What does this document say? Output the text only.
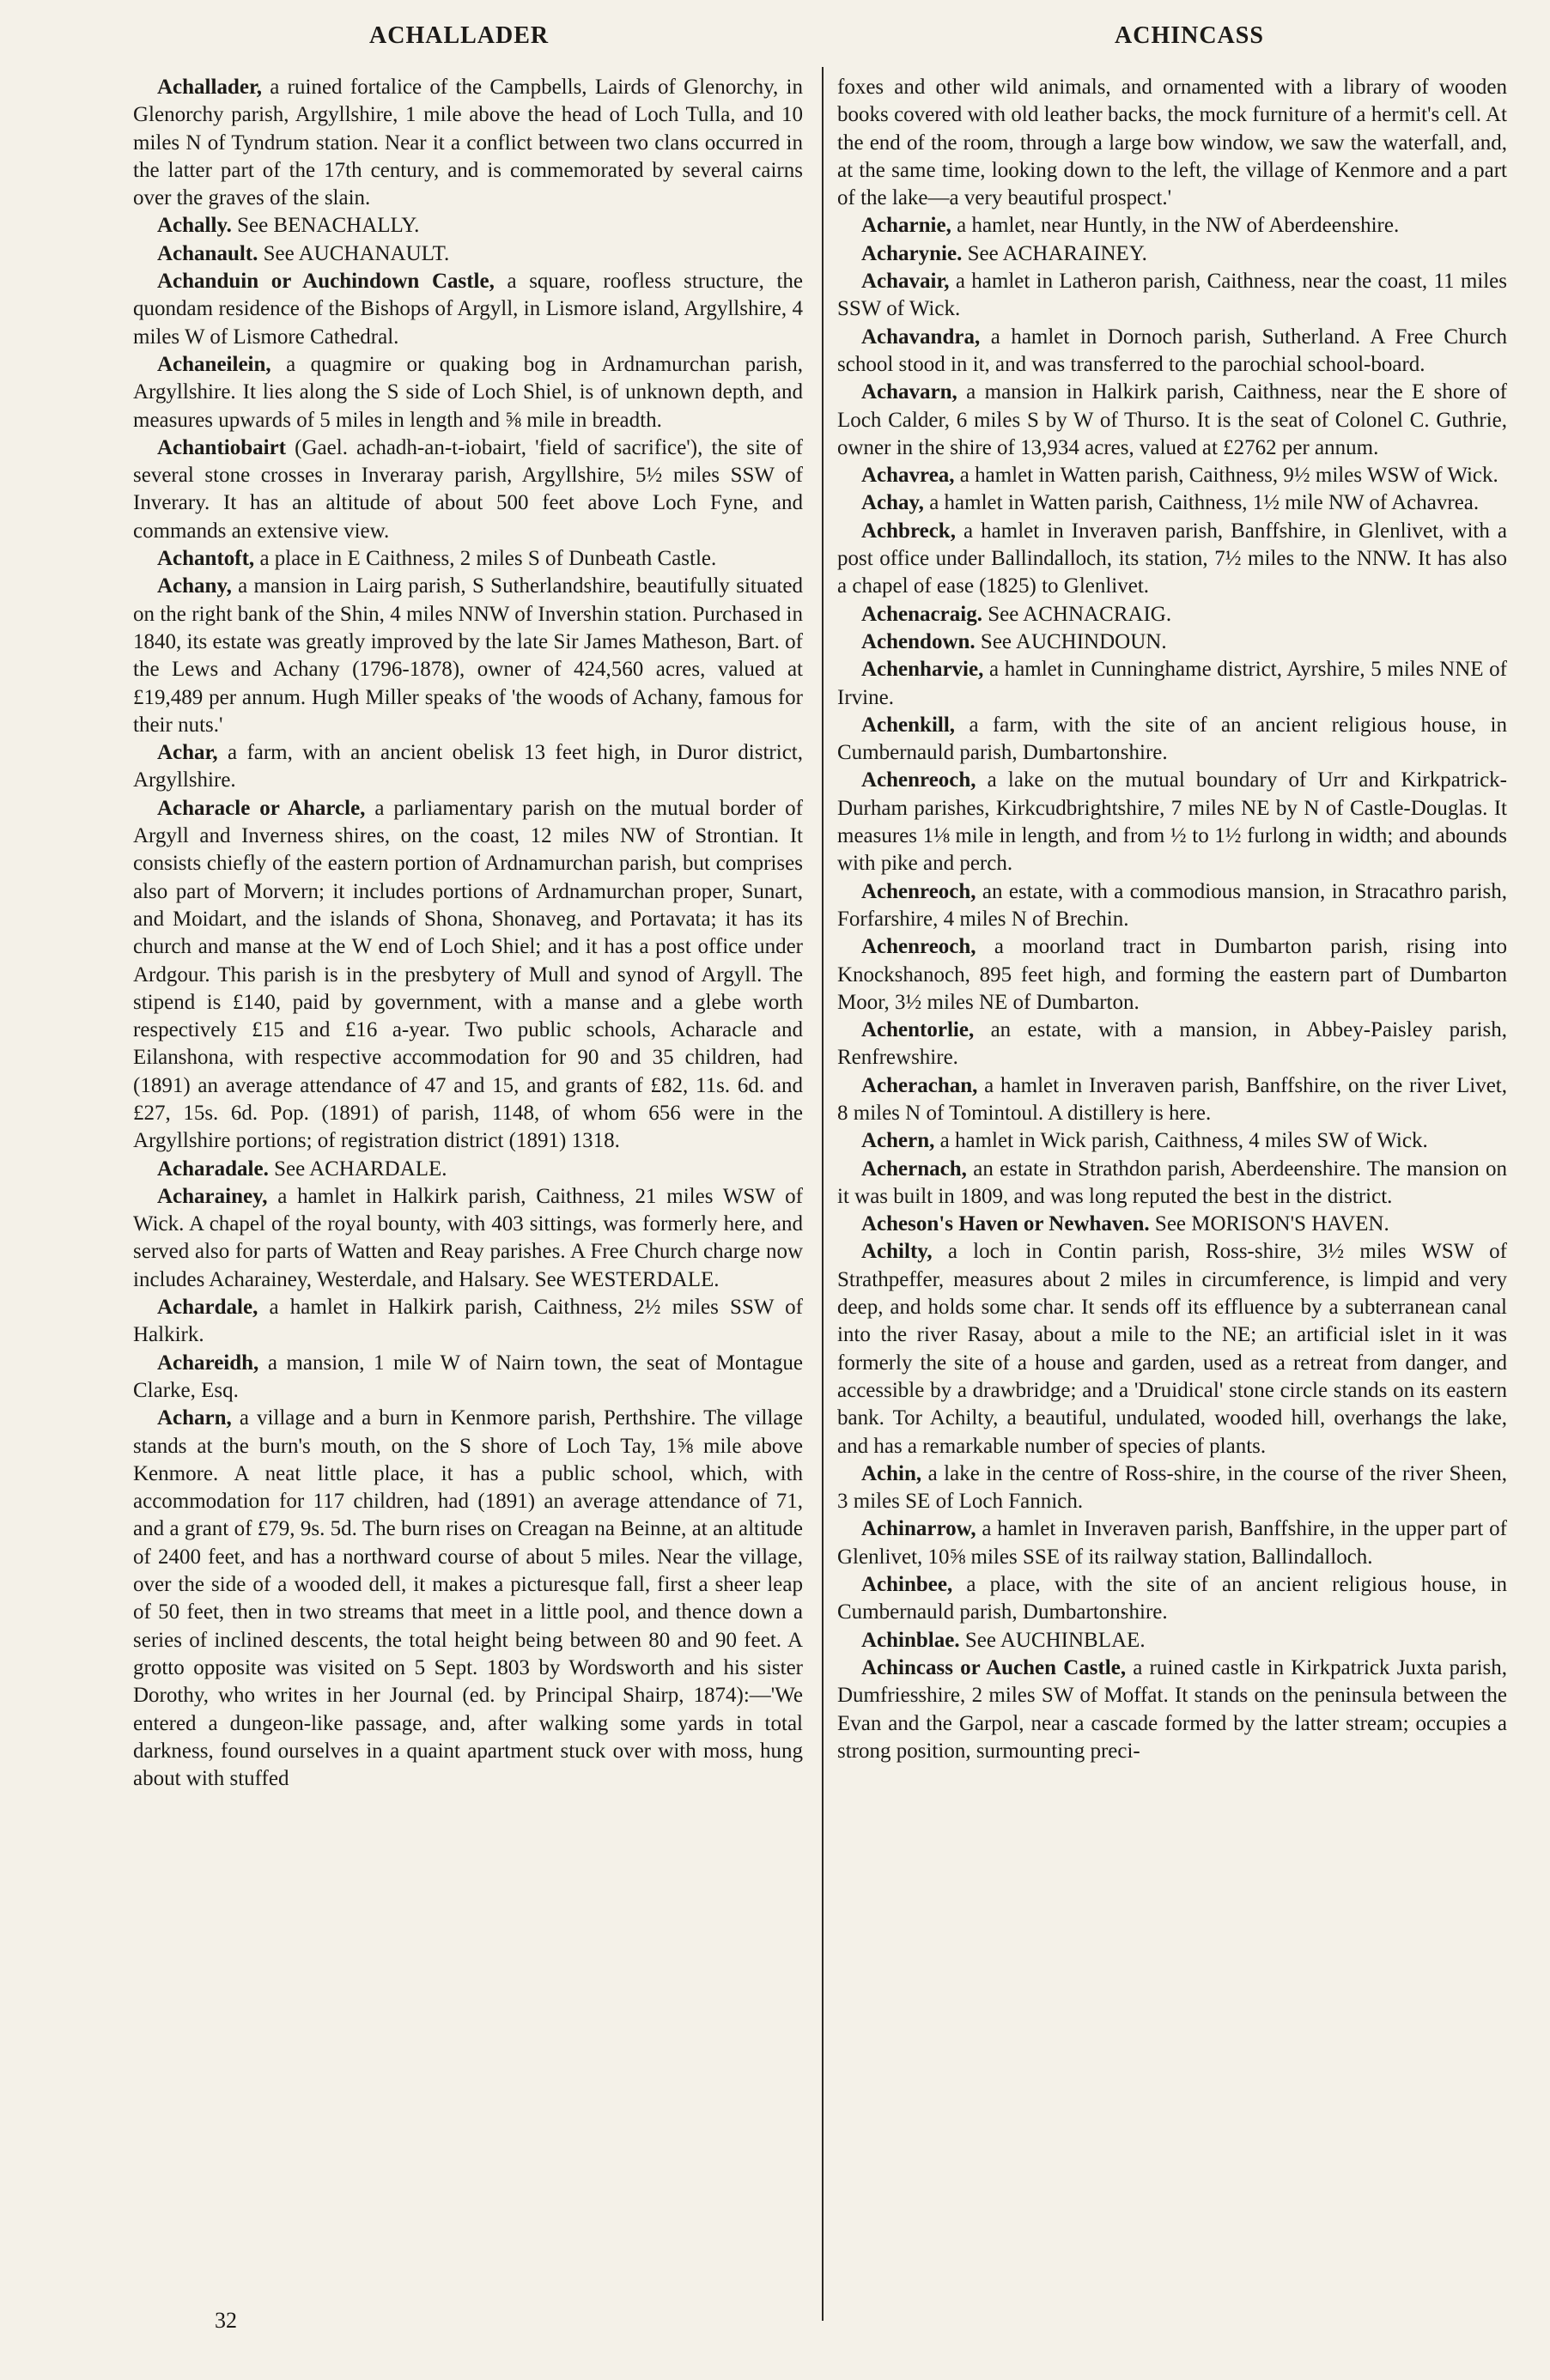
ACHALLADER	ACHINCASS

Achallader, a ruined fortalice of the Campbells, Lairds of Glenorchy, in Glenorchy parish, Argyllshire, 1 mile above the head of Loch Tulla, and 10 miles N of Tyndrum station. Near it a conflict between two clans occurred in the latter part of the 17th century, and is commemorated by several cairns over the graves of the slain.

Achally. See BENACHALLY.

Achanault. See AUCHANAULT.

Achanduin or Auchindown Castle, a square, roofless structure, the quondam residence of the Bishops of Argyll, in Lismore island, Argyllshire, 4 miles W of Lismore Cathedral.

Achaneilein, a quagmire or quaking bog in Ardnamurchan parish, Argyllshire. It lies along the S side of Loch Shiel, is of unknown depth, and measures upwards of 5 miles in length and ⅝ mile in breadth.

Achantiobairt (Gael. achadh-an-t-iobairt, 'field of sacrifice'), the site of several stone crosses in Inveraray parish, Argyllshire, 5½ miles SSW of Inverary. It has an altitude of about 500 feet above Loch Fyne, and commands an extensive view.

Achantoft, a place in E Caithness, 2 miles S of Dunbeath Castle.

Achany, a mansion in Lairg parish, S Sutherlandshire, beautifully situated on the right bank of the Shin, 4 miles NNW of Invershin station. Purchased in 1840, its estate was greatly improved by the late Sir James Matheson, Bart. of the Lews and Achany (1796-1878), owner of 424,560 acres, valued at £19,489 per annum. Hugh Miller speaks of 'the woods of Achany, famous for their nuts.'

Achar, a farm, with an ancient obelisk 13 feet high, in Duror district, Argyllshire.

Acharacle or Aharcle, a parliamentary parish on the mutual border of Argyll and Inverness shires, on the coast, 12 miles NW of Strontian. It consists chiefly of the eastern portion of Ardnamurchan parish, but comprises also part of Morvern; it includes portions of Ardnamurchan proper, Sunart, and Moidart, and the islands of Shona, Shonaveg, and Portavata; it has its church and manse at the W end of Loch Shiel; and it has a post office under Ardgour. This parish is in the presbytery of Mull and synod of Argyll. The stipend is £140, paid by government, with a manse and a glebe worth respectively £15 and £16 a-year. Two public schools, Acharacle and Eilanshona, with respective accommodation for 90 and 35 children, had (1891) an average attendance of 47 and 15, and grants of £82, 11s. 6d. and £27, 15s. 6d. Pop. (1891) of parish, 1148, of whom 656 were in the Argyllshire portions; of registration district (1891) 1318.

Acharadale. See ACHARDALE.

Acharainey, a hamlet in Halkirk parish, Caithness, 21 miles WSW of Wick. A chapel of the royal bounty, with 403 sittings, was formerly here, and served also for parts of Watten and Reay parishes. A Free Church charge now includes Acharainey, Westerdale, and Halsary. See WESTERDALE.

Achardale, a hamlet in Halkirk parish, Caithness, 2½ miles SSW of Halkirk.

Achareidh, a mansion, 1 mile W of Nairn town, the seat of Montague Clarke, Esq.

Acharn, a village and a burn in Kenmore parish, Perthshire. The village stands at the burn's mouth, on the S shore of Loch Tay, 1⅝ mile above Kenmore. A neat little place, it has a public school, which, with accommodation for 117 children, had (1891) an average attendance of 71, and a grant of £79, 9s. 5d. The burn rises on Creagan na Beinne, at an altitude of 2400 feet, and has a northward course of about 5 miles. Near the village, over the side of a wooded dell, it makes a picturesque fall, first a sheer leap of 50 feet, then in two streams that meet in a little pool, and thence down a series of inclined descents, the total height being between 80 and 90 feet. A grotto opposite was visited on 5 Sept. 1803 by Wordsworth and his sister Dorothy, who writes in her Journal (ed. by Principal Shairp, 1874):—'We entered a dungeon-like passage, and, after walking some yards in total darkness, found ourselves in a quaint apartment stuck over with moss, hung about with stuffed

foxes and other wild animals, and ornamented with a library of wooden books covered with old leather backs, the mock furniture of a hermit's cell. At the end of the room, through a large bow window, we saw the waterfall, and, at the same time, looking down to the left, the village of Kenmore and a part of the lake—a very beautiful prospect.'

Acharnie, a hamlet, near Huntly, in the NW of Aberdeenshire.

Acharynie. See ACHARAINEY.

Achavair, a hamlet in Latheron parish, Caithness, near the coast, 11 miles SSW of Wick.

Achavandra, a hamlet in Dornoch parish, Sutherland. A Free Church school stood in it, and was transferred to the parochial school-board.

Achavarn, a mansion in Halkirk parish, Caithness, near the E shore of Loch Calder, 6 miles S by W of Thurso. It is the seat of Colonel C. Guthrie, owner in the shire of 13,934 acres, valued at £2762 per annum.

Achavrea, a hamlet in Watten parish, Caithness, 9½ miles WSW of Wick.

Achay, a hamlet in Watten parish, Caithness, 1½ mile NW of Achavrea.

Achbreck, a hamlet in Inveraven parish, Banffshire, in Glenlivet, with a post office under Ballindalloch, its station, 7½ miles to the NNW. It has also a chapel of ease (1825) to Glenlivet.

Achenacraig. See ACHNACRAIG.

Achendown. See AUCHINDOUN.

Achenharvie, a hamlet in Cunninghame district, Ayrshire, 5 miles NNE of Irvine.

Achenkill, a farm, with the site of an ancient religious house, in Cumbernauld parish, Dumbartonshire.

Achenreoch, a lake on the mutual boundary of Urr and Kirkpatrick-Durham parishes, Kirkcudbrightshire, 7 miles NE by N of Castle-Douglas. It measures 1⅛ mile in length, and from ½ to 1½ furlong in width; and abounds with pike and perch.

Achenreoch, an estate, with a commodious mansion, in Stracathro parish, Forfarshire, 4 miles N of Brechin.

Achenreoch, a moorland tract in Dumbarton parish, rising into Knockshanoch, 895 feet high, and forming the eastern part of Dumbarton Moor, 3½ miles NE of Dumbarton.

Achentorlie, an estate, with a mansion, in Abbey-Paisley parish, Renfrewshire.

Acherachan, a hamlet in Inveraven parish, Banffshire, on the river Livet, 8 miles N of Tomintoul. A distillery is here.

Achern, a hamlet in Wick parish, Caithness, 4 miles SW of Wick.

Achernach, an estate in Strathdon parish, Aberdeenshire. The mansion on it was built in 1809, and was long reputed the best in the district.

Acheson's Haven or Newhaven. See MORISON'S HAVEN.

Achilty, a loch in Contin parish, Ross-shire, 3½ miles WSW of Strathpeffer, measures about 2 miles in circumference, is limpid and very deep, and holds some char. It sends off its effluence by a subterranean canal into the river Rasay, about a mile to the NE; an artificial islet in it was formerly the site of a house and garden, used as a retreat from danger, and accessible by a drawbridge; and a 'Druidical' stone circle stands on its eastern bank. Tor Achilty, a beautiful, undulated, wooded hill, overhangs the lake, and has a remarkable number of species of plants.

Achin, a lake in the centre of Ross-shire, in the course of the river Sheen, 3 miles SE of Loch Fannich.

Achinarrow, a hamlet in Inveraven parish, Banffshire, in the upper part of Glenlivet, 10⅝ miles SSE of its railway station, Ballindalloch.

Achinbee, a place, with the site of an ancient religious house, in Cumbernauld parish, Dumbartonshire.

Achinblae. See AUCHINBLAE.

Achincass or Auchen Castle, a ruined castle in Kirkpatrick Juxta parish, Dumfriesshire, 2 miles SW of Moffat. It stands on the peninsula between the Evan and the Garpol, near a cascade formed by the latter stream; occupies a strong position, surmounting preci-

32
